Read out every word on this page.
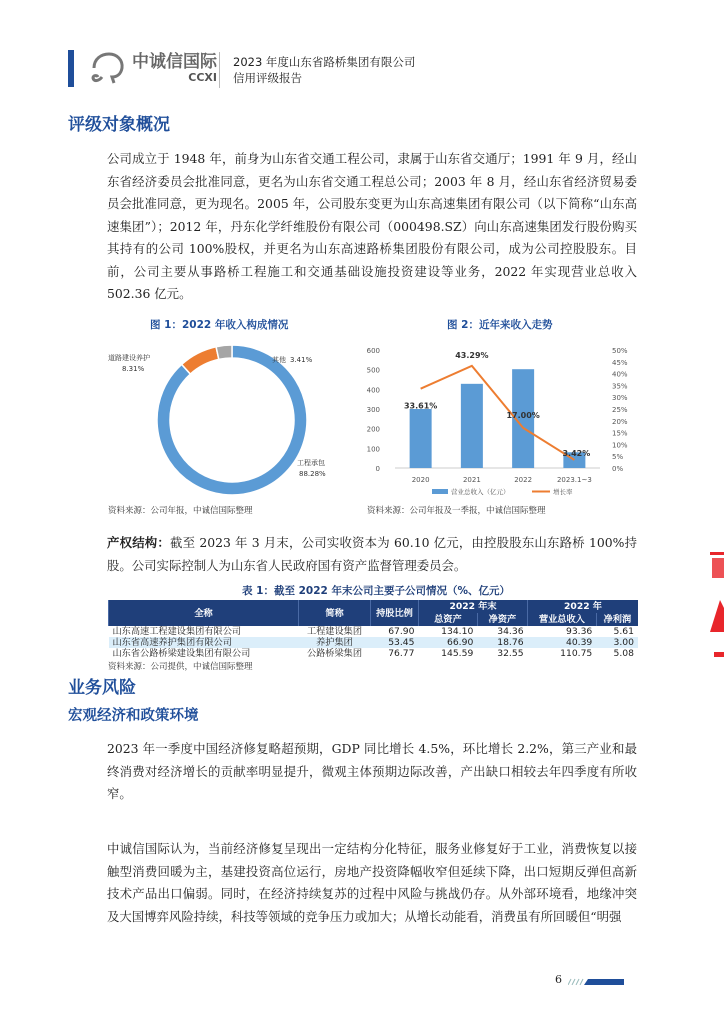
中诚信国际
CCXI
2023 年度山东省路桥集团有限公司
信用评级报告
评级对象概况
公司成立于 1948 年，前身为山东省交通工程公司，隶属于山东省交通厅；1991 年 9 月，经山东省经济委员会批准同意，更名为山东省交通工程总公司；2003 年 8 月，经山东省经济贸易委员会批准同意，更为现名。2005 年，公司股东变更为山东高速集团有限公司（以下简称“山东高速集团”）；2012 年，丹东化学纤维股份有限公司（000498.SZ）向山东高速集团发行股份购买其持有的公司 100%股权，并更名为山东高速路桥集团股份有限公司，成为公司控股股东。目前，公司主要从事路桥工程施工和交通基础设施投资建设等业务，2022 年实现营业总收入 502.36 亿元。
图 1：2022 年收入构成情况
道路建设养护
8.31%
其他 3.41%
工程承包
88.28%
资料来源：公司年报，中诚信国际整理
图 2：近年来收入走势
0
100
200
300
400
500
600
0%
5%
10%
15%
20%
25%
30%
35%
40%
45%
50%
2020	2021	2022	2023.1~3
33.61%
43.29%
17.00%
3.42%
营业总收入（亿元）	增长率
资料来源：公司年报及一季报，中诚信国际整理
产权结构：截至 2023 年 3 月末，公司实收资本为 60.10 亿元，由控股股东山东路桥 100%持股。公司实际控制人为山东省人民政府国有资产监督管理委员会。
表 1：截至 2022 年末公司主要子公司情况（%、亿元）
全称	简称	持股比例	2022 年末		2022 年	
			总资产	净资产	营业总收入	净利润
山东高速工程建设集团有限公司	工程建设集团	67.90	134.10	34.36	93.36	5.61
山东省高速养护集团有限公司	养护集团	53.45	66.90	18.76	40.39	3.00
山东省公路桥梁建设集团有限公司	公路桥梁集团	76.77	145.59	32.55	110.75	5.08
资料来源：公司提供，中诚信国际整理
业务风险
宏观经济和政策环境
2023 年一季度中国经济修复略超预期，GDP 同比增长 4.5%，环比增长 2.2%，第三产业和最终消费对经济增长的贡献率明显提升，微观主体预期边际改善，产出缺口相较去年四季度有所收窄。
中诚信国际认为，当前经济修复呈现出一定结构分化特征，服务业修复好于工业，消费恢复以接触型消费回暖为主，基建投资高位运行，房地产投资降幅收窄但延续下降，出口短期反弹但高新技术产品出口偏弱。同时，在经济持续复苏的过程中风险与挑战仍存。从外部环境看，地缘冲突及大国博弈风险持续，科技等领域的竞争压力或加大；从增长动能看，消费虽有所回暖但“明强
6
